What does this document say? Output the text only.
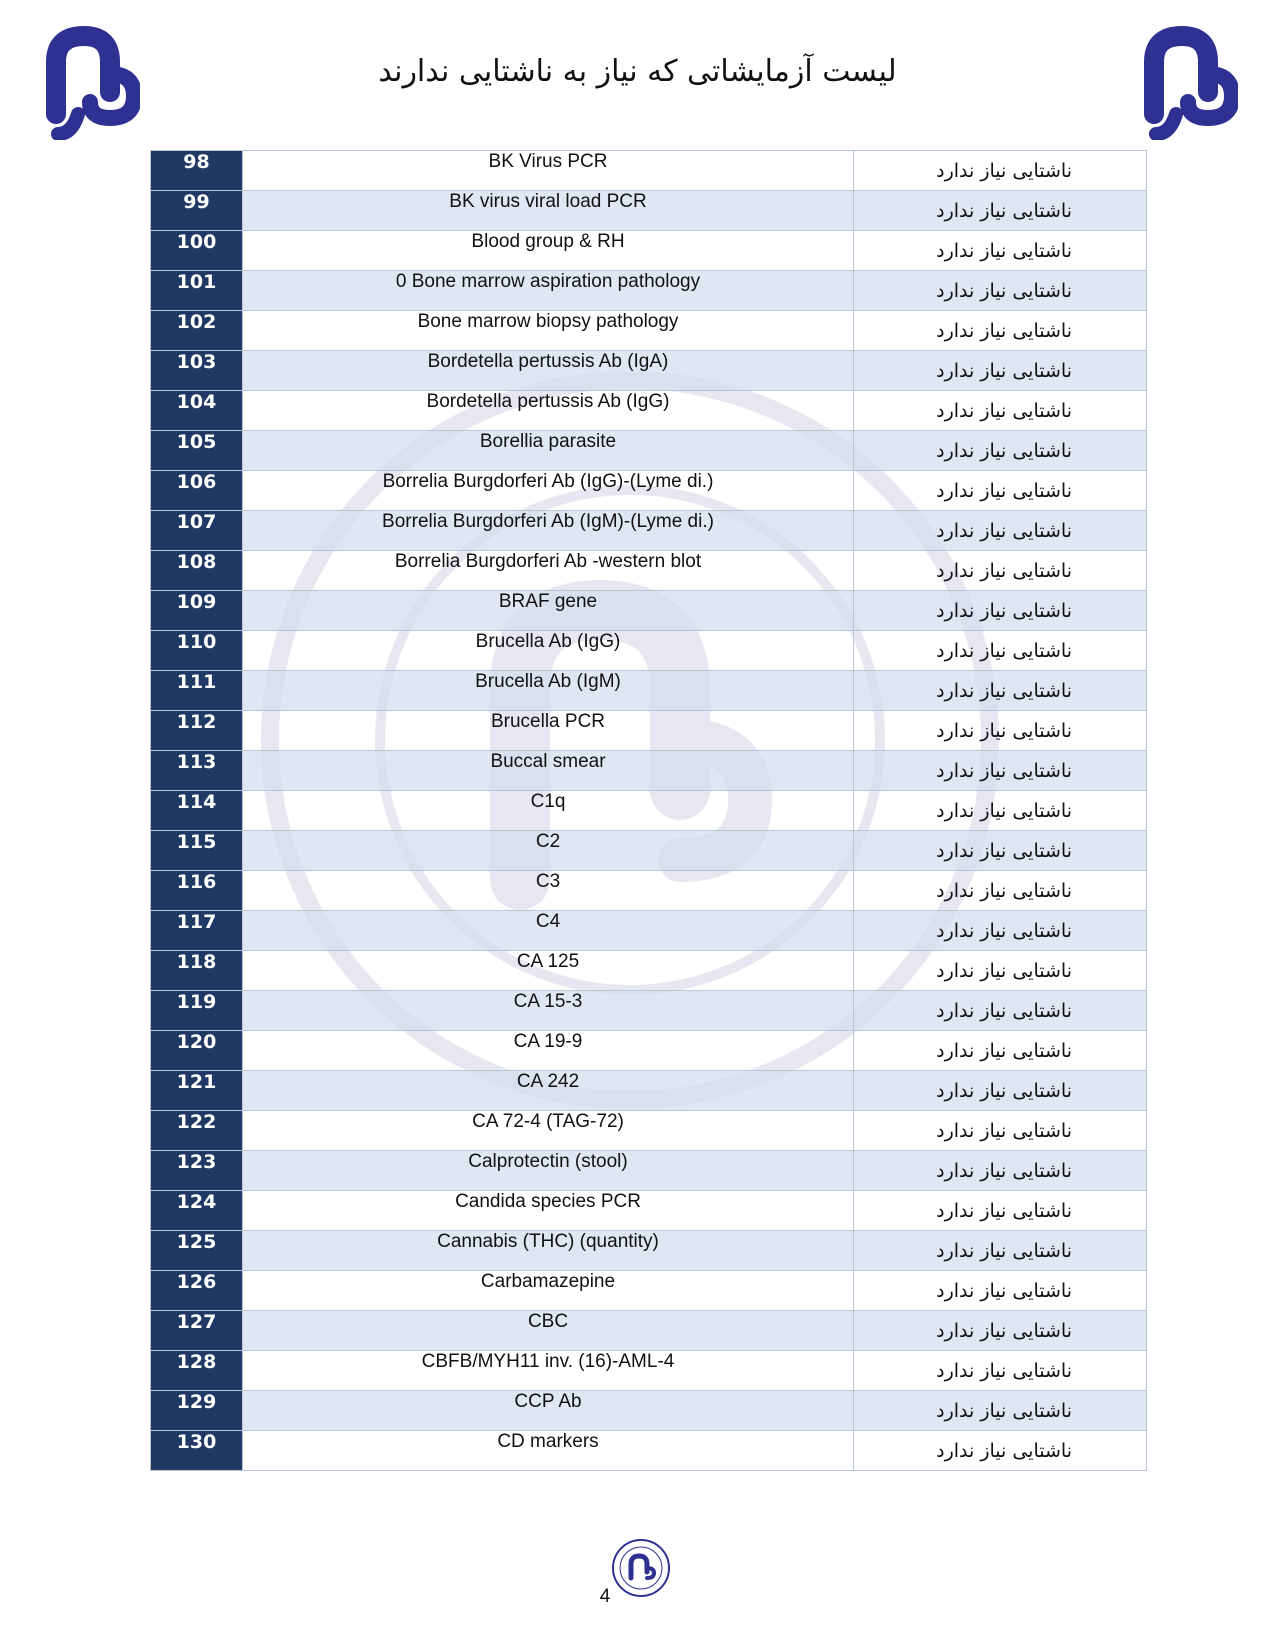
لیست آزمایشاتی که نیاز به ناشتایی ندارند
98	BK Virus PCR	ناشتایی نیاز ندارد
99	BK virus viral load PCR	ناشتایی نیاز ندارد
100	Blood group & RH	ناشتایی نیاز ندارد
101	0 Bone marrow aspiration pathology	ناشتایی نیاز ندارد
102	Bone marrow biopsy pathology	ناشتایی نیاز ندارد
103	Bordetella pertussis Ab (IgA)	ناشتایی نیاز ندارد
104	Bordetella pertussis Ab (IgG)	ناشتایی نیاز ندارد
105	Borellia parasite	ناشتایی نیاز ندارد
106	Borrelia Burgdorferi Ab (IgG)-(Lyme di.)	ناشتایی نیاز ندارد
107	Borrelia Burgdorferi Ab (IgM)-(Lyme di.)	ناشتایی نیاز ندارد
108	Borrelia Burgdorferi Ab -western blot	ناشتایی نیاز ندارد
109	BRAF gene	ناشتایی نیاز ندارد
110	Brucella Ab (IgG)	ناشتایی نیاز ندارد
111	Brucella Ab (IgM)	ناشتایی نیاز ندارد
112	Brucella PCR	ناشتایی نیاز ندارد
113	Buccal smear	ناشتایی نیاز ندارد
114	C1q	ناشتایی نیاز ندارد
115	C2	ناشتایی نیاز ندارد
116	C3	ناشتایی نیاز ندارد
117	C4	ناشتایی نیاز ندارد
118	CA 125	ناشتایی نیاز ندارد
119	CA 15-3	ناشتایی نیاز ندارد
120	CA 19-9	ناشتایی نیاز ندارد
121	CA 242	ناشتایی نیاز ندارد
122	CA 72-4 (TAG-72)	ناشتایی نیاز ندارد
123	Calprotectin (stool)	ناشتایی نیاز ندارد
124	Candida species PCR	ناشتایی نیاز ندارد
125	Cannabis (THC) (quantity)	ناشتایی نیاز ندارد
126	Carbamazepine	ناشتایی نیاز ندارد
127	CBC	ناشتایی نیاز ندارد
128	CBFB/MYH11 inv. (16)-AML-4	ناشتایی نیاز ندارد
129	CCP Ab	ناشتایی نیاز ندارد
130	CD markers	ناشتایی نیاز ندارد
4
